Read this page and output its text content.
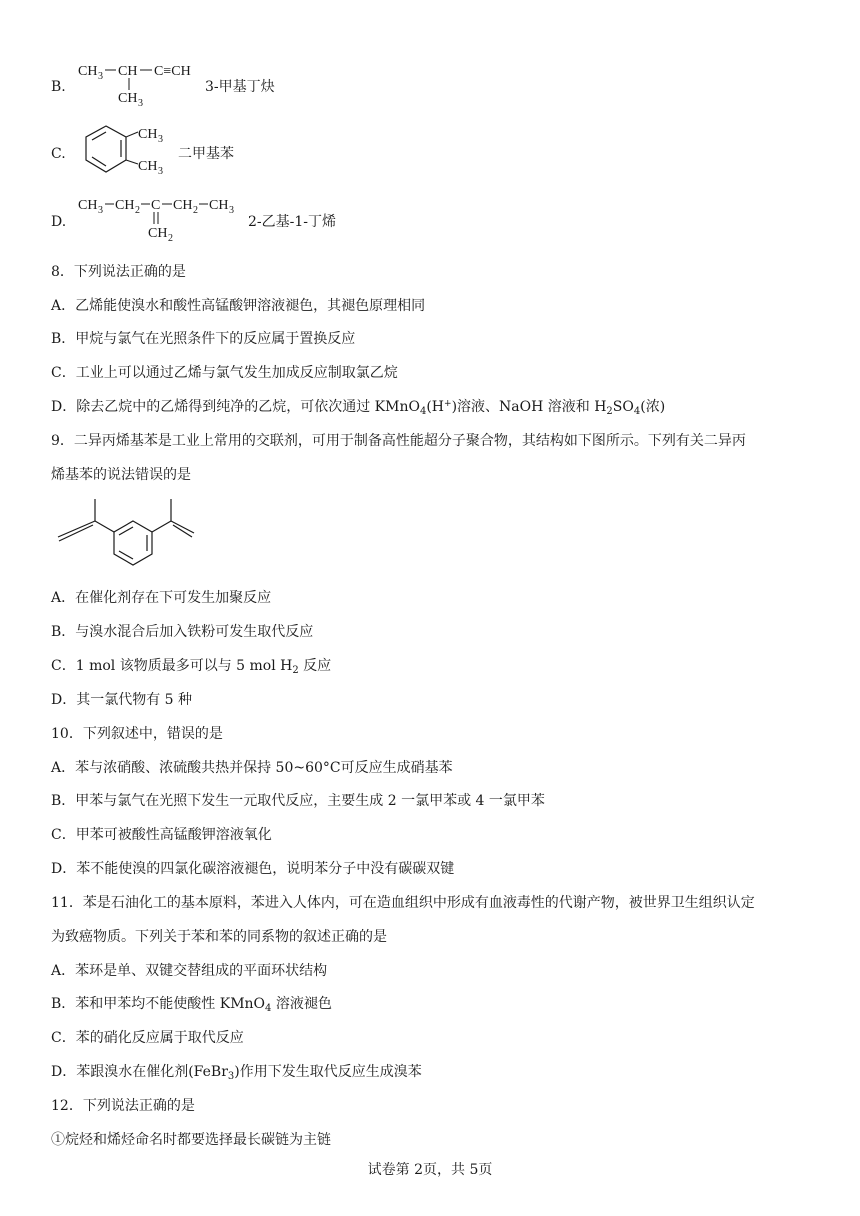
B.
CH 3 CH C≡CH
CH 3
3-甲基丁炔
C.
CH 3
CH 3
二甲基苯
D.
CH 3 CH 2 C CH 2 CH 3
CH 2
2-乙基-1-丁烯
8．下列说法正确的是
A．乙烯能使溴水和酸性高锰酸钾溶液褪色，其褪色原理相同
B．甲烷与氯气在光照条件下的反应属于置换反应
C．工业上可以通过乙烯与氯气发生加成反应制取氯乙烷
D．除去乙烷中的乙烯得到纯净的乙烷，可依次通过 KMnO$_4$(H+)溶液、NaOH 溶液和 $H_2SO_4$(浓)
9．二异丙烯基苯是工业上常用的交联剂，可用于制备高性能超分子聚合物，其结构如下图所示。下列有关二异丙
烯基苯的说法错误的是
A．在催化剂存在下可发生加聚反应
B．与溴水混合后加入铁粉可发生取代反应
C．1 mol 该物质最多可以与 5 mol $H_2$ 反应
D．其一氯代物有 5 种
10．下列叙述中，错误的是
A．苯与浓硝酸、浓硫酸共热并保持 50~60°C可反应生成硝基苯
B．甲苯与氯气在光照下发生一元取代反应，主要生成 2 一氯甲苯或 4 一氯甲苯
C．甲苯可被酸性高锰酸钾溶液氧化
D．苯不能使溴的四氯化碳溶液褪色，说明苯分子中没有碳碳双键
11．苯是石油化工的基本原料，苯进入人体内，可在造血组织中形成有血液毒性的代谢产物，被世界卫生组织认定
为致癌物质。下列关于苯和苯的同系物的叙述正确的是
A．苯环是单、双键交替组成的平面环状结构
B．苯和甲苯均不能使酸性 KMnO$_4$ 溶液褪色
C．苯的硝化反应属于取代反应
D．苯跟溴水在催化剂(FeBr$_3$)作用下发生取代反应生成溴苯
12．下列说法正确的是
①烷烃和烯烃命名时都要选择最长碳链为主链
试卷第 2页，共 5页
